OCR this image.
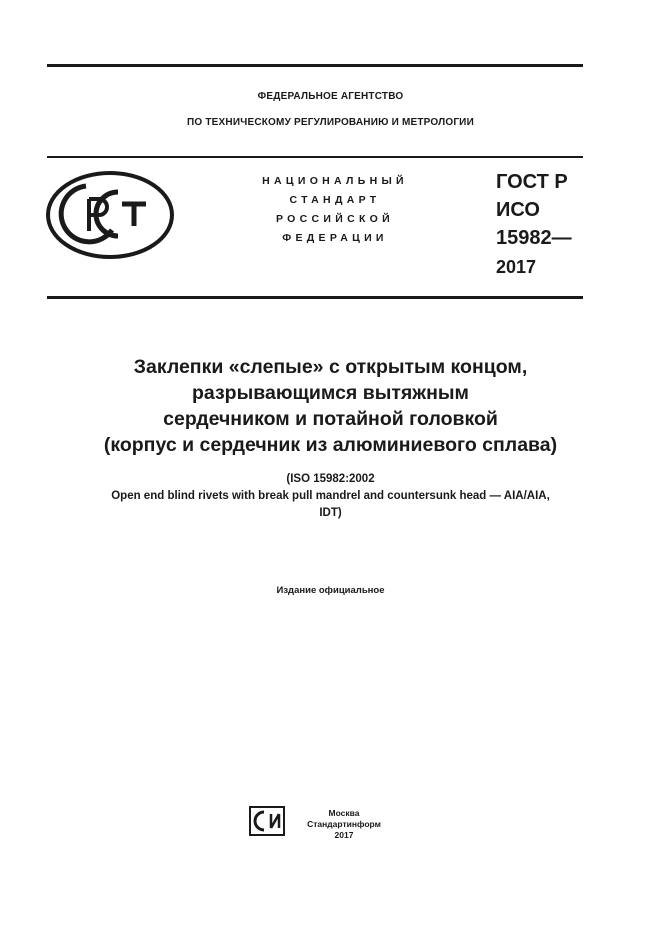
ФЕДЕРАЛЬНОЕ АГЕНТСТВО
ПО ТЕХНИЧЕСКОМУ РЕГУЛИРОВАНИЮ И МЕТРОЛОГИИ
НАЦИОНАЛЬНЫЙ
СТАНДАРТ
РОССИЙСКОЙ
ФЕДЕРАЦИИ
ГОСТ Р
ИСО
15982—
2017
Заклепки «слепые» с открытым концом,
разрывающимся вытяжным
сердечником и потайной головкой
(корпус и сердечник из алюминиевого сплава)
(ISO 15982:2002
Open end blind rivets with break pull mandrel and countersunk head — AIA/AIA,
IDT)
Издание официальное
Москва
Стандартинформ
2017
